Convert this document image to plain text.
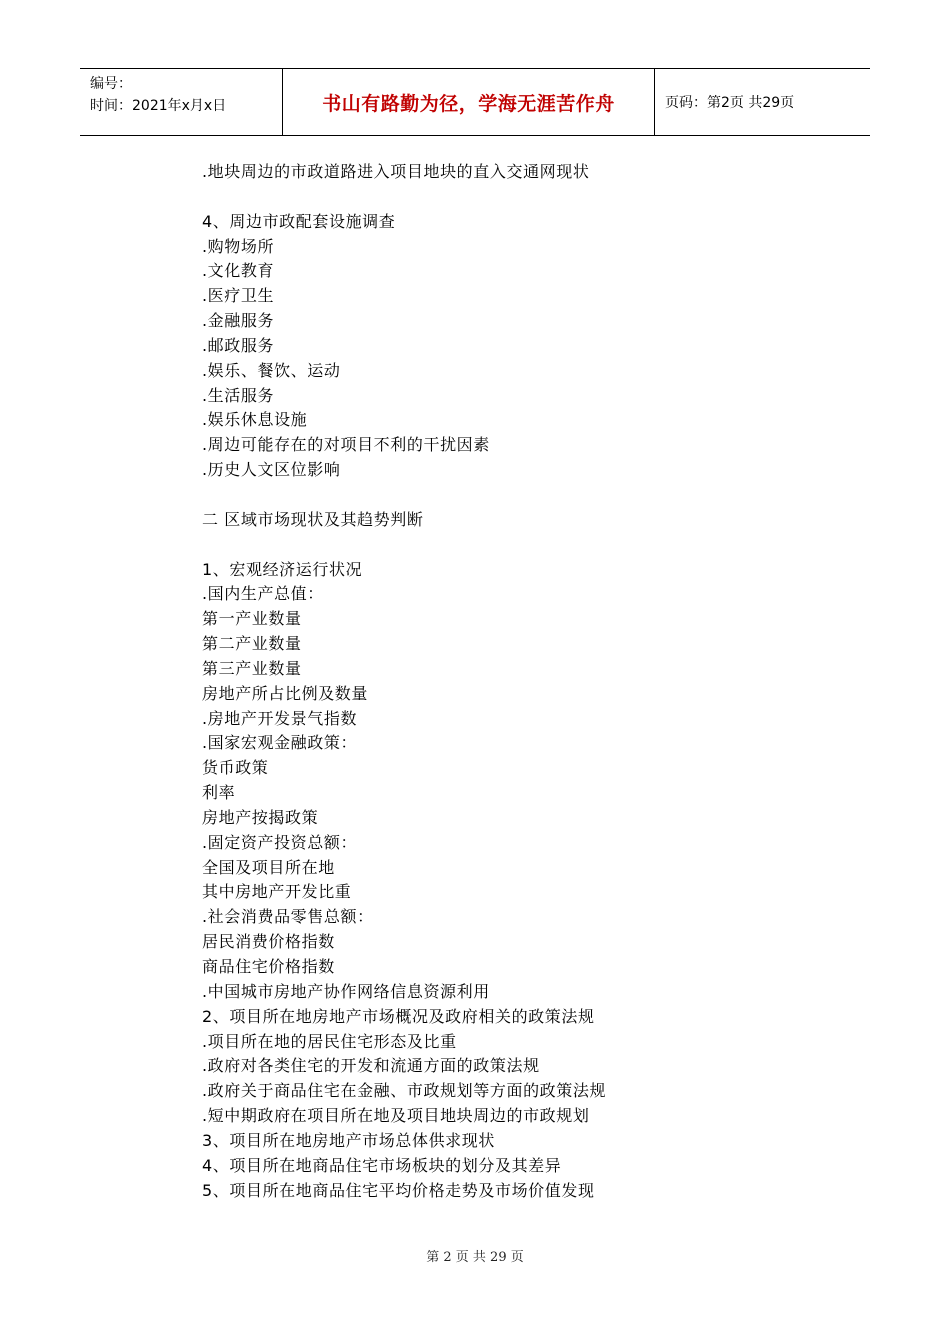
编号：
时间：2021年x月x日	书山有路勤为径，学海无涯苦作舟	页码：第2页 共29页
.地块周边的市政道路进入项目地块的直入交通网现状
4、周边市政配套设施调查
.购物场所
.文化教育
.医疗卫生
.金融服务
.邮政服务
.娱乐、餐饮、运动
.生活服务
.娱乐休息设施
.周边可能存在的对项目不利的干扰因素
.历史人文区位影响
二 区域市场现状及其趋势判断
1、宏观经济运行状况
.国内生产总值：
第一产业数量
第二产业数量
第三产业数量
房地产所占比例及数量
.房地产开发景气指数
.国家宏观金融政策：
货币政策
利率
房地产按揭政策
.固定资产投资总额：
全国及项目所在地
其中房地产开发比重
.社会消费品零售总额：
居民消费价格指数
商品住宅价格指数
.中国城市房地产协作网络信息资源利用
2、项目所在地房地产市场概况及政府相关的政策法规
.项目所在地的居民住宅形态及比重
.政府对各类住宅的开发和流通方面的政策法规
.政府关于商品住宅在金融、市政规划等方面的政策法规
.短中期政府在项目所在地及项目地块周边的市政规划
3、项目所在地房地产市场总体供求现状
4、项目所在地商品住宅市场板块的划分及其差异
5、项目所在地商品住宅平均价格走势及市场价值发现
第 2 页 共 29 页
